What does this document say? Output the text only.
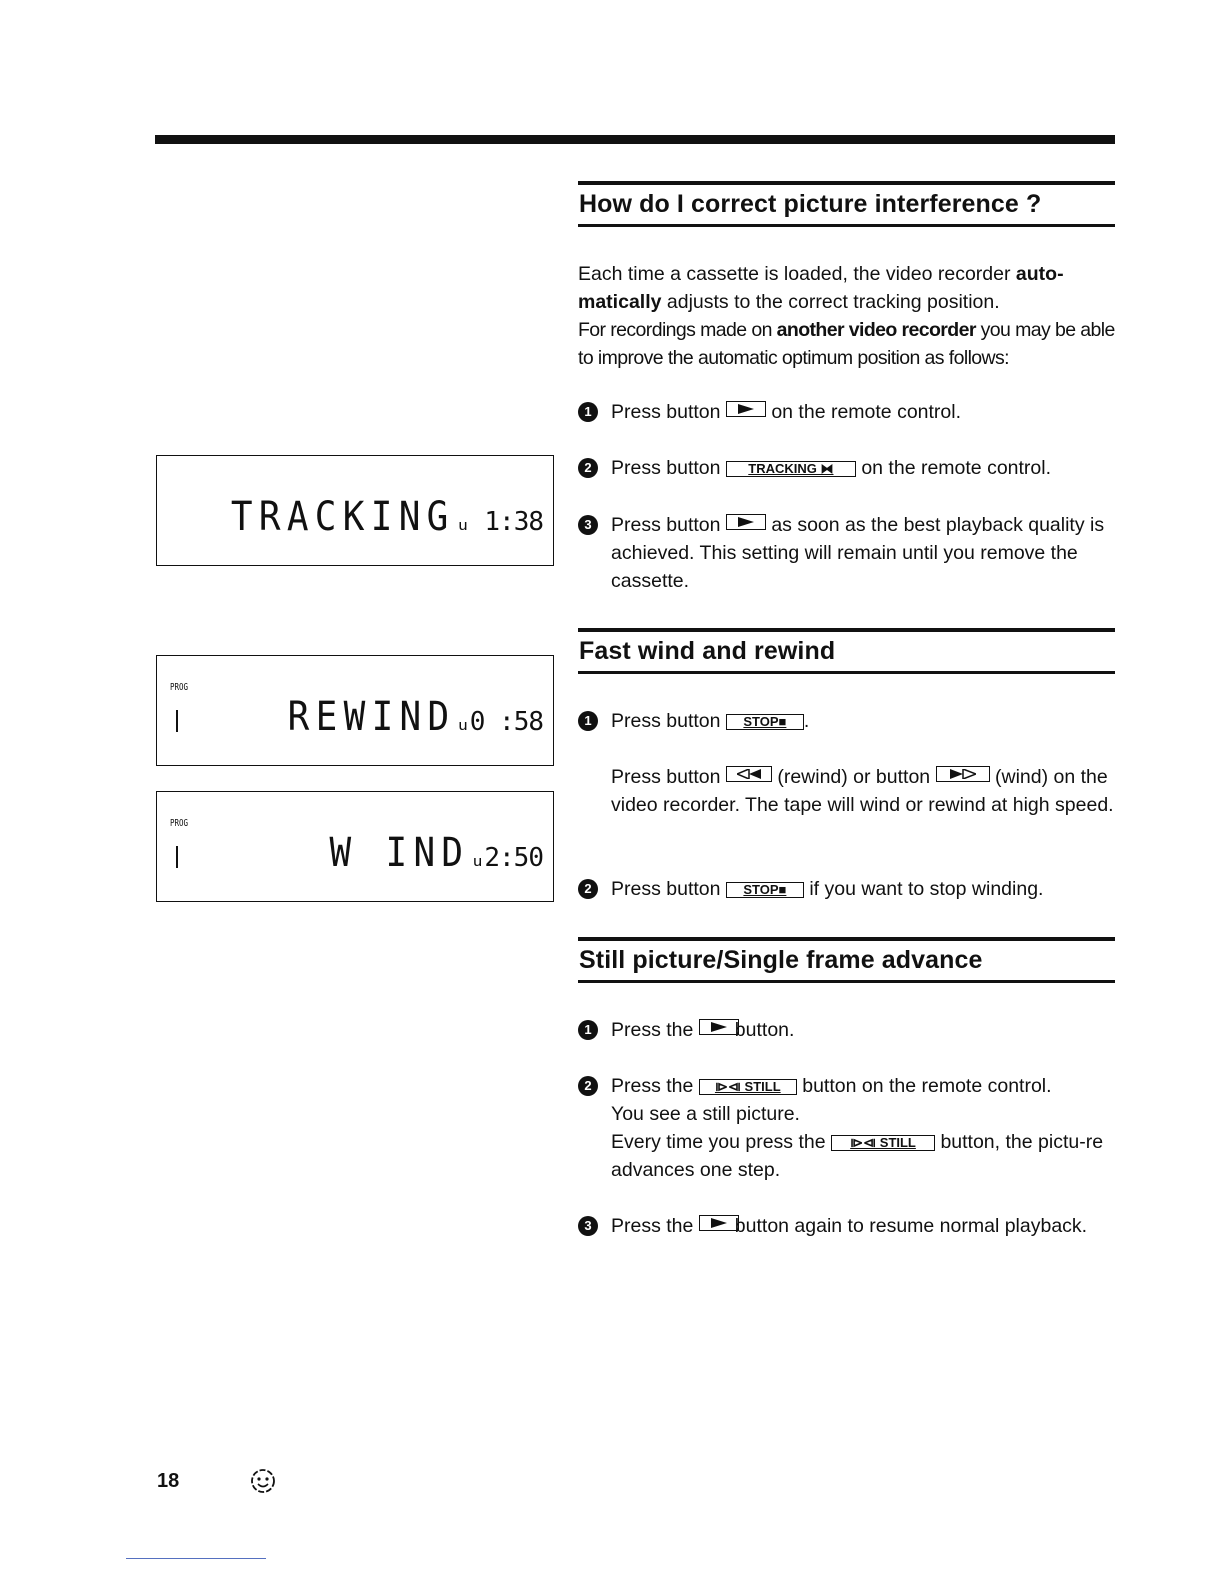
How do I correct picture interference ?
Each time a cassette is loaded, the video recorder auto-matically adjusts to the correct tracking position.
For recordings made on another video recorder you may be able to improve the automatic optimum position as follows:
1 Press button	on the remote control.
2 Press button TRACKING ⧓ on the remote control.
3 Press button	as soon as the best playback quality is achieved. This setting will remain until you remove the cassette.
Fast wind and rewind
1 Press button STOP■ .
Press button	(rewind) or button	(wind) on the video recorder. The tape will wind or rewind at high speed.
2 Press button STOP■ if you want to stop winding.
Still picture/Single frame advance
1 Press the button.
2 Press the ⧐⧏ STILL button on the remote control.
You see a still picture.
Every time you press the ⧐⧏ STILL button, the pictu-re advances one step.
3 Press the button again to resume normal playback.
TRACKINGᵤ 1:38
PROG
REWINDᵤ0 :58
PROG
W INDᵤ2:50
18
